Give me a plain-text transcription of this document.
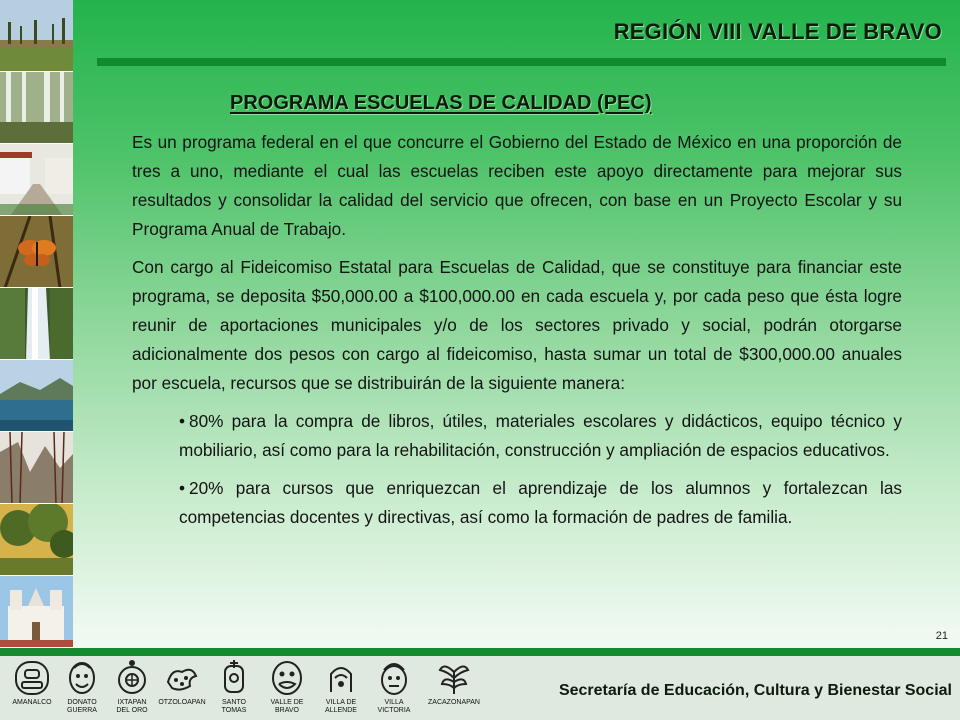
REGIÓN VIII VALLE DE BRAVO
PROGRAMA ESCUELAS DE CALIDAD (PEC)

Es un programa federal en el que concurre el Gobierno del Estado de México en una proporción de tres a uno, mediante el cual las escuelas reciben este apoyo directamente para mejorar sus resultados y consolidar la calidad del servicio que ofrecen, con base en un Proyecto Escolar y su Programa Anual de Trabajo.

Con cargo al Fideicomiso Estatal para Escuelas de Calidad, que se constituye para financiar este programa, se deposita $50,000.00 a $100,000.00 en cada escuela y, por cada peso que ésta logre reunir de aportaciones municipales y/o de los sectores privado y social, podrán otorgarse adicionalmente dos pesos con cargo al fideicomiso, hasta sumar un total de $300,000.00 anuales por escuela, recursos que se distribuirán de la siguiente manera:

• 80% para la compra de libros, útiles, materiales escolares y didácticos, equipo técnico y mobiliario, así como para la rehabilitación, construcción y ampliación de espacios educativos.
• 20% para cursos que enriquezcan el aprendizaje de los alumnos y fortalezcan las competencias docentes y directivas, así como la formación de padres de familia.
21
AMANALCO	DONATO
GUERRA
IXTAPAN
DEL ORO
OTZOLOAPAN	SANTO
TOMAS
VALLE DE
BRAVO
VILLA DE
ALLENDE
VILLA
VICTORIA
ZACAZONAPAN
Secretaría de Educación, Cultura y Bienestar Social
